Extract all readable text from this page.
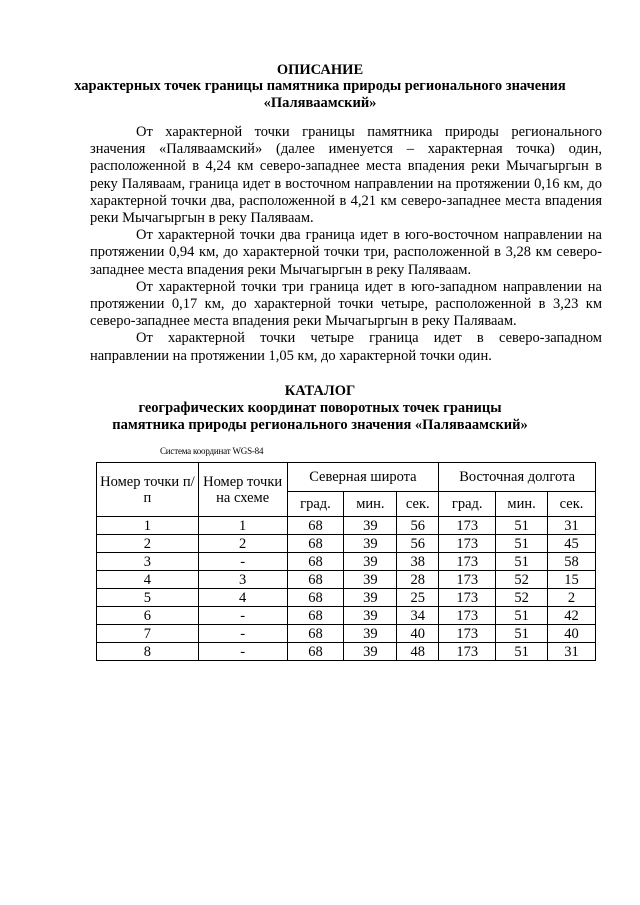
ОПИСАНИЕ
характерных точек границы памятника природы регионального значения
«Паляваамский»

От характерной точки границы памятника природы регионального значения «Паляваамский» (далее именуется – характерная точка) один, расположенной в 4,24 км северо-западнее места впадения реки Мычагыргын в реку Паляваам, граница идет в восточном направлении на протяжении 0,16 км, до характерной точки два, расположенной в 4,21 км северо-западнее места впадения реки Мычагыргын в реку Паляваам.

От характерной точки два граница идет в юго-восточном направлении на протяжении 0,94 км, до характерной точки три, расположенной в 3,28 км северо-западнее места впадения реки Мычагыргын в реку Паляваам.

От характерной точки три граница идет в юго-западном направлении на протяжении 0,17 км, до характерной точки четыре, расположенной в 3,23 км северо-западнее места впадения реки Мычагыргын в реку Паляваам.

От характерной точки четыре граница идет в северо-западном направлении на протяжении 1,05 км, до характерной точки один.

КАТАЛОГ
географических координат поворотных точек границы
памятника природы регионального значения «Паляваамский»
Система координат WGS-84
Номер точки п/п	Номер точки на схеме	Северная широта			Восточная долгота		
		град.	мин.	сек.	град.	мин.	сек.
1	1	68	39	56	173	51	31
2	2	68	39	56	173	51	45
3	-	68	39	38	173	51	58
4	3	68	39	28	173	52	15
5	4	68	39	25	173	52	2
6	-	68	39	34	173	51	42
7	-	68	39	40	173	51	40
8	-	68	39	48	173	51	31
